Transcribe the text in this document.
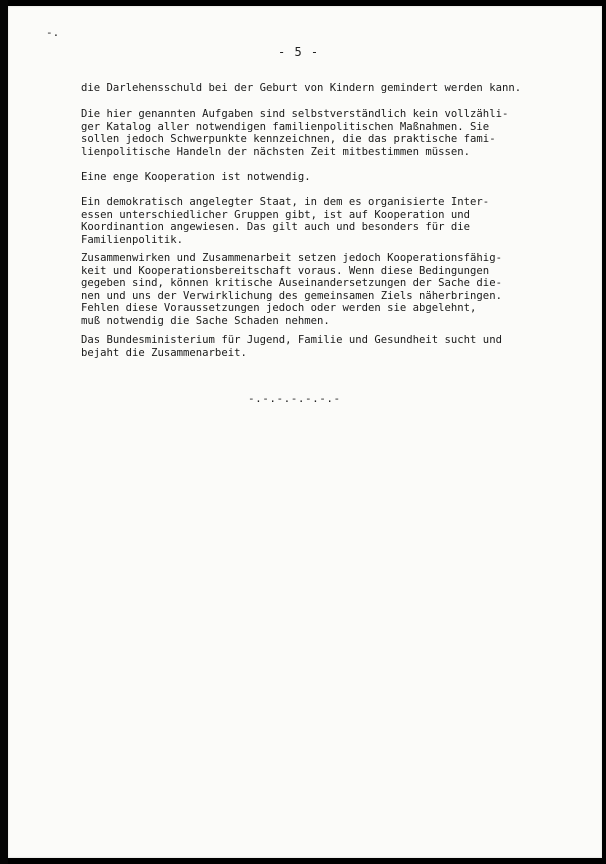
-.
- 5 -
die Darlehensschuld bei der Geburt von Kindern gemindert werden kann.
Die hier genannten Aufgaben sind selbstverständlich kein vollzähli-
ger Katalog aller notwendigen familienpolitischen Maßnahmen. Sie
sollen jedoch Schwerpunkte kennzeichnen, die das praktische fami-
lienpolitische Handeln der nächsten Zeit mitbestimmen müssen.
Eine enge Kooperation ist notwendig.
Ein demokratisch angelegter Staat, in dem es organisierte Inter-
essen unterschiedlicher Gruppen gibt, ist auf Kooperation und
Koordinantion angewiesen. Das gilt auch und besonders für die
Familienpolitik.
Zusammenwirken und Zusammenarbeit setzen jedoch Kooperationsfähig-
keit und Kooperationsbereitschaft voraus. Wenn diese Bedingungen
gegeben sind, können kritische Auseinandersetzungen der Sache die-
nen und uns der Verwirklichung des gemeinsamen Ziels näherbringen.
Fehlen diese Voraussetzungen jedoch oder werden sie abgelehnt,
muß notwendig die Sache Schaden nehmen.
Das Bundesministerium für Jugend, Familie und Gesundheit sucht und
bejaht die Zusammenarbeit.
-.-.-.-.-.-.-
